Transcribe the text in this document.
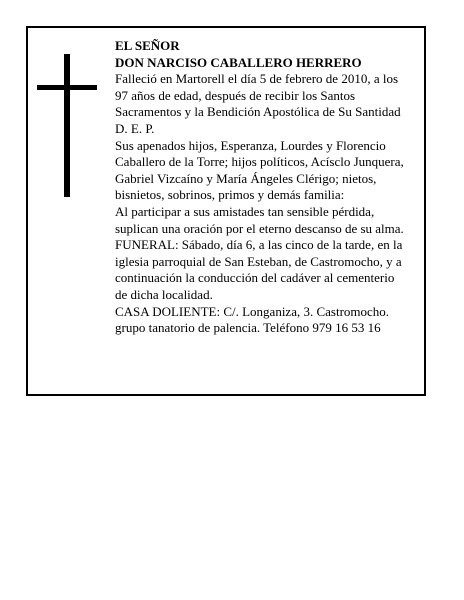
EL SEÑOR

DON NARCISO CABALLERO HERRERO

Falleció en Martorell el día 5 de febrero de 2010, a los
97 años de edad, después de recibir los Santos
Sacramentos y la Bendición Apostólica de Su Santidad
D. E. P.

Sus apenados hijos, Esperanza, Lourdes y Florencio
Caballero de la Torre; hijos políticos, Acísclo Junquera,
Gabriel Vizcaíno y María Ángeles Clérigo; nietos,
bisnietos, sobrinos, primos y demás familia:

Al participar a sus amistades tan sensible pérdida,
suplican una oración por el eterno descanso de su alma.

FUNERAL: Sábado, día 6, a las cinco de la tarde, en la
iglesia parroquial de San Esteban, de Castromocho, y a
continuación la conducción del cadáver al cementerio
de dicha localidad.

CASA DOLIENTE: C/. Longaniza, 3. Castromocho.

grupo tanatorio de palencia. Teléfono 979 16 53 16
